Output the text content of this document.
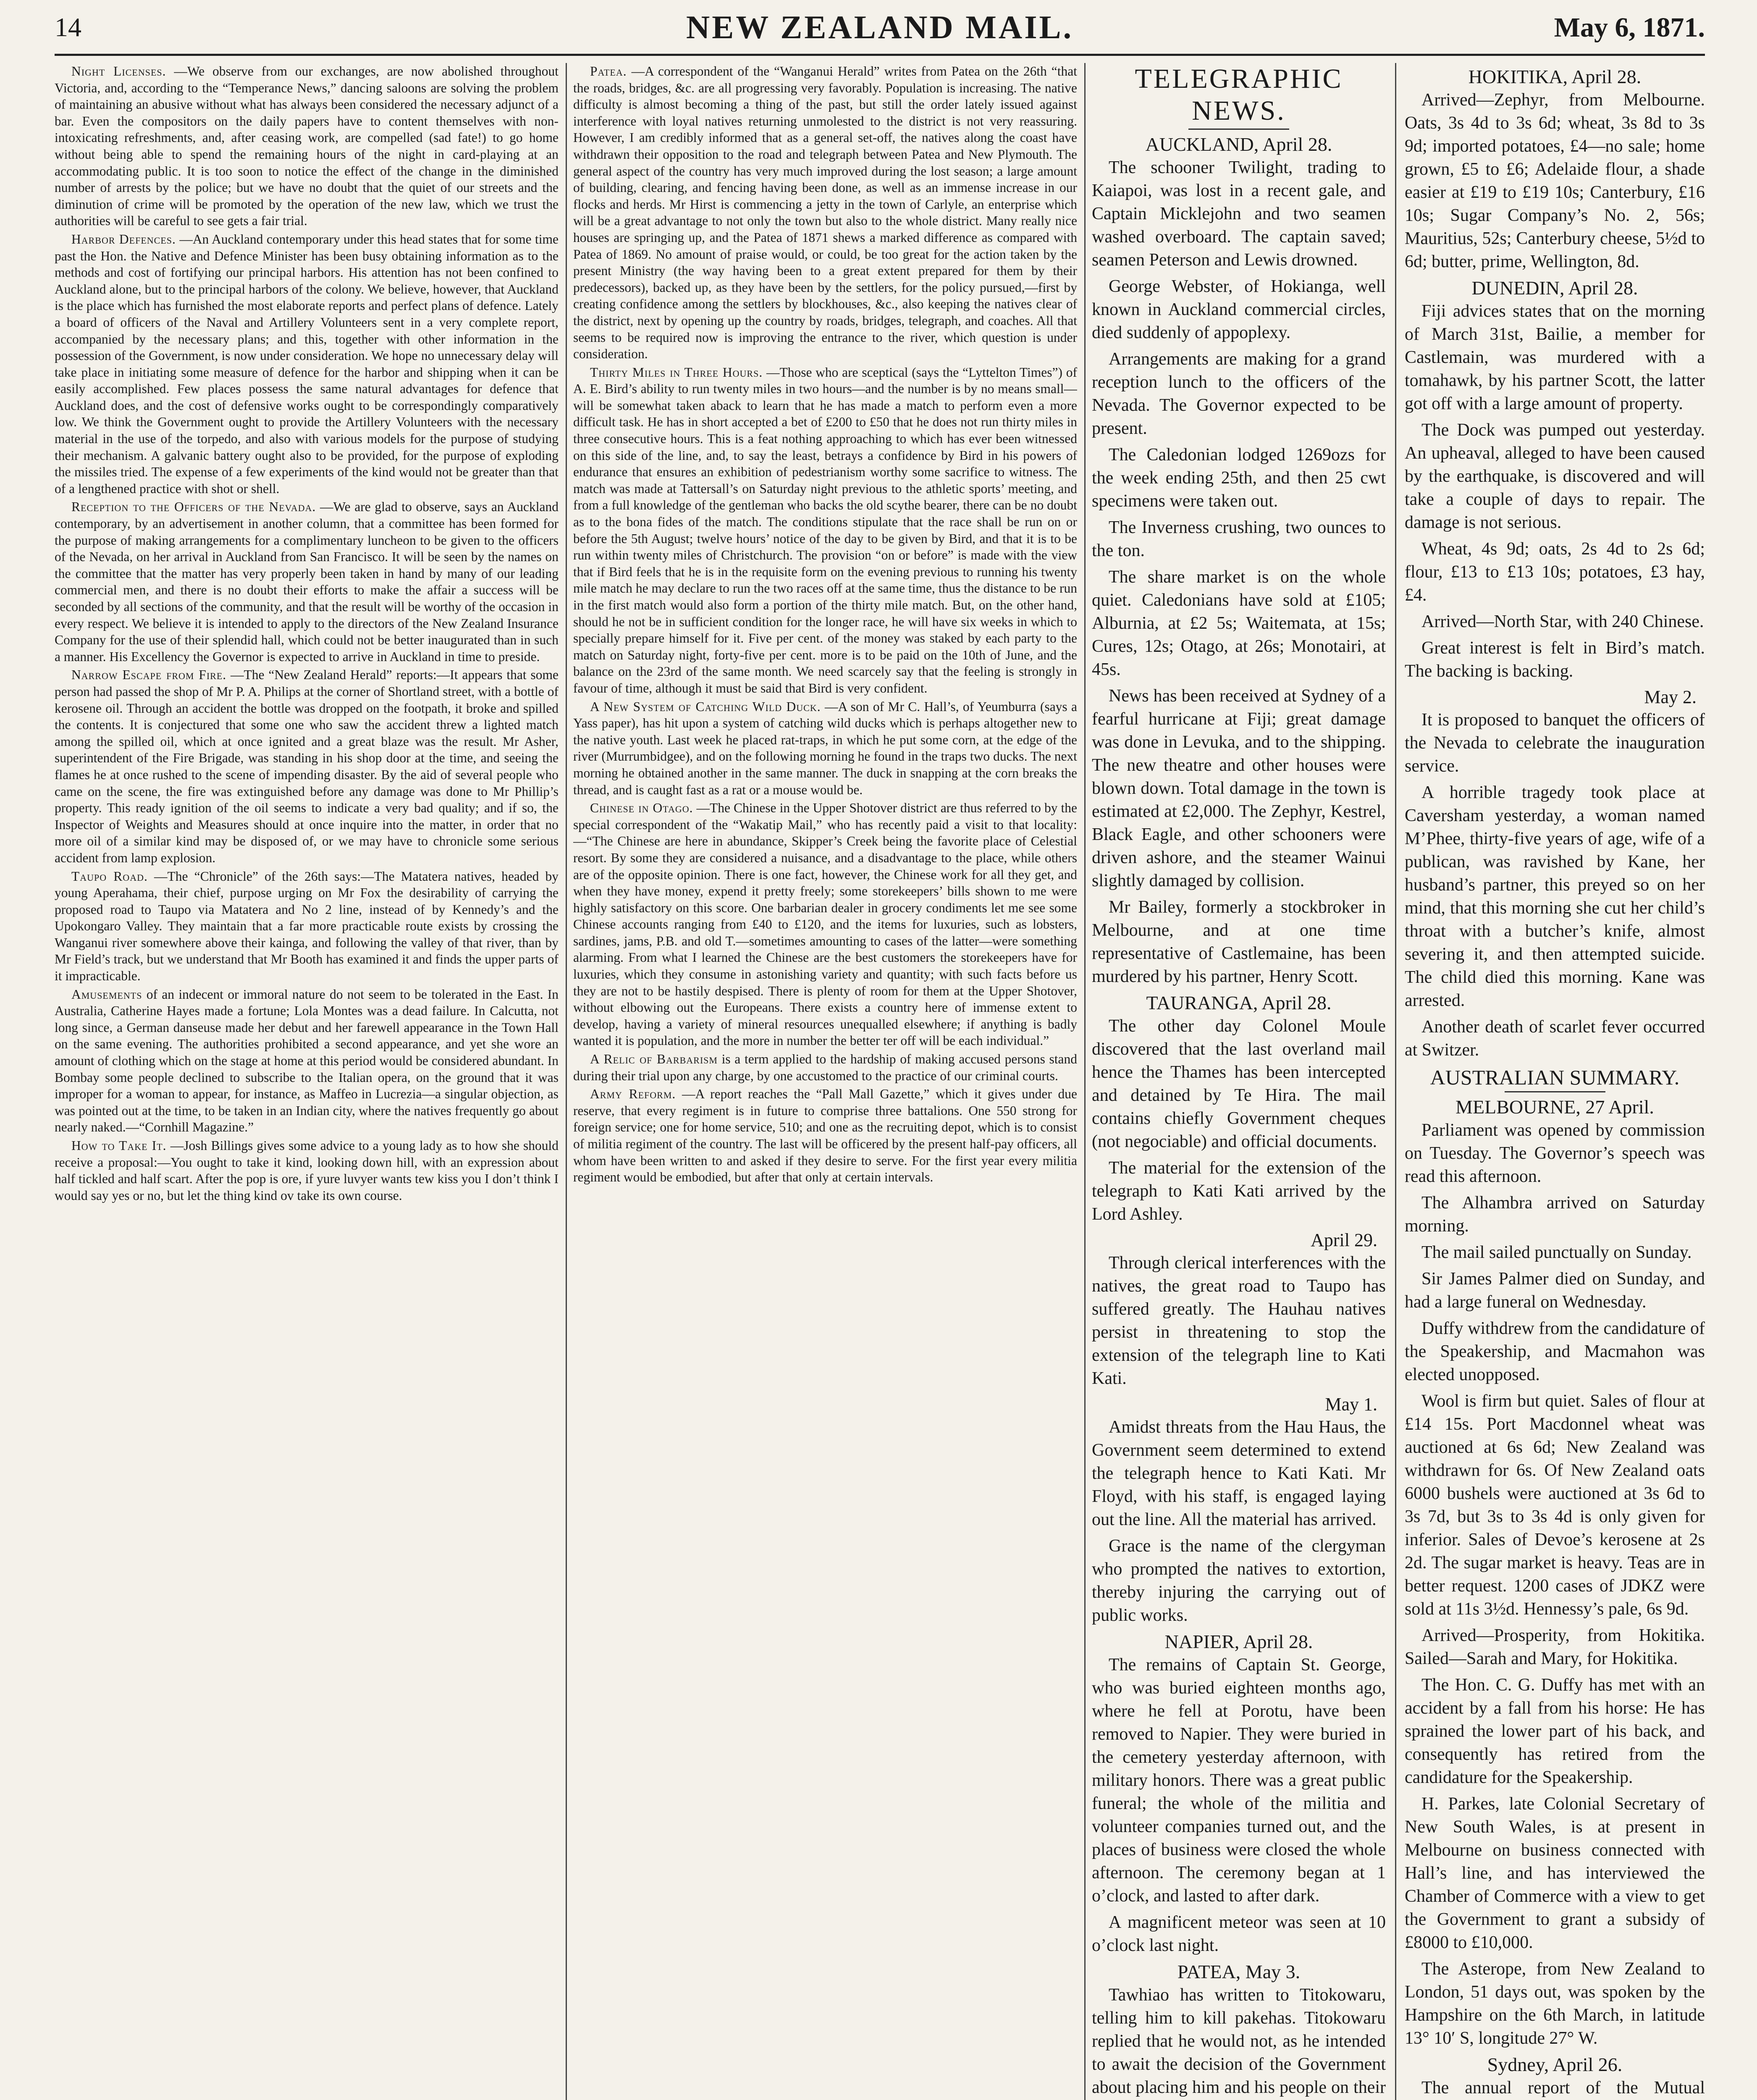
14	NEW ZEALAND MAIL.	May 6, 1871.

Night Licenses. —We observe from our exchanges, are now abolished throughout Victoria, and, according to the “Temperance News,” dancing saloons are solving the problem of maintaining an abusive without what has always been considered the necessary adjunct of a bar. Even the compositors on the daily papers have to content themselves with non-intoxicating refreshments, and, after ceasing work, are compelled (sad fate!) to go home without being able to spend the remaining hours of the night in card-playing at an accommodating public. It is too soon to notice the effect of the change in the diminished number of arrests by the police; but we have no doubt that the quiet of our streets and the diminution of crime will be promoted by the operation of the new law, which we trust the authorities will be careful to see gets a fair trial.

Harbor Defences. —An Auckland contemporary under this head states that for some time past the Hon. the Native and Defence Minister has been busy obtaining information as to the methods and cost of fortifying our principal harbors. His attention has not been confined to Auckland alone, but to the principal harbors of the colony. We believe, however, that Auckland is the place which has furnished the most elaborate reports and perfect plans of defence. Lately a board of officers of the Naval and Artillery Volunteers sent in a very complete report, accompanied by the necessary plans; and this, together with other information in the possession of the Government, is now under consideration. We hope no unnecessary delay will take place in initiating some measure of defence for the harbor and shipping when it can be easily accomplished. Few places possess the same natural advantages for defence that Auckland does, and the cost of defensive works ought to be correspondingly comparatively low. We think the Government ought to provide the Artillery Volunteers with the necessary material in the use of the torpedo, and also with various models for the purpose of studying their mechanism. A galvanic battery ought also to be provided, for the purpose of exploding the missiles tried. The expense of a few experiments of the kind would not be greater than that of a lengthened practice with shot or shell.

Reception to the Officers of the Nevada. —We are glad to observe, says an Auckland contemporary, by an advertisement in another column, that a committee has been formed for the purpose of making arrangements for a complimentary luncheon to be given to the officers of the Nevada, on her arrival in Auckland from San Francisco. It will be seen by the names on the committee that the matter has very properly been taken in hand by many of our leading commercial men, and there is no doubt their efforts to make the affair a success will be seconded by all sections of the community, and that the result will be worthy of the occasion in every respect. We believe it is intended to apply to the directors of the New Zealand Insurance Company for the use of their splendid hall, which could not be better inaugurated than in such a manner. His Excellency the Governor is expected to arrive in Auckland in time to preside.

Narrow Escape from Fire. —The “New Zealand Herald” reports:—It appears that some person had passed the shop of Mr P. A. Philips at the corner of Shortland street, with a bottle of kerosene oil. Through an accident the bottle was dropped on the footpath, it broke and spilled the contents. It is conjectured that some one who saw the accident threw a lighted match among the spilled oil, which at once ignited and a great blaze was the result. Mr Asher, superintendent of the Fire Brigade, was standing in his shop door at the time, and seeing the flames he at once rushed to the scene of impending disaster. By the aid of several people who came on the scene, the fire was extinguished before any damage was done to Mr Phillip’s property. This ready ignition of the oil seems to indicate a very bad quality; and if so, the Inspector of Weights and Measures should at once inquire into the matter, in order that no more oil of a similar kind may be disposed of, or we may have to chronicle some serious accident from lamp explosion.

Taupo Road. —The “Chronicle” of the 26th says:—The Matatera natives, headed by young Aperahama, their chief, purpose urging on Mr Fox the desirability of carrying the proposed road to Taupo via Matatera and No 2 line, instead of by Kennedy’s and the Upokongaro Valley. They maintain that a far more practicable route exists by crossing the Wanganui river somewhere above their kainga, and following the valley of that river, than by Mr Field’s track, but we understand that Mr Booth has examined it and finds the upper parts of it impracticable.

Amusements of an indecent or immoral nature do not seem to be tolerated in the East. In Australia, Catherine Hayes made a fortune; Lola Montes was a dead failure. In Calcutta, not long since, a German danseuse made her debut and her farewell appearance in the Town Hall on the same evening. The authorities prohibited a second appearance, and yet she wore an amount of clothing which on the stage at home at this period would be considered abundant. In Bombay some people declined to subscribe to the Italian opera, on the ground that it was improper for a woman to appear, for instance, as Maffeo in Lucrezia—a singular objection, as was pointed out at the time, to be taken in an Indian city, where the natives frequently go about nearly naked.—“Cornhill Magazine.”

How to Take It. —Josh Billings gives some advice to a young lady as to how she should receive a proposal:—You ought to take it kind, looking down hill, with an expression about half tickled and half scart. After the pop is ore, if yure luvyer wants tew kiss you I don’t think I would say yes or no, but let the thing kind ov take its own course.

Patea. —A correspondent of the “Wanganui Herald” writes from Patea on the 26th “that the roads, bridges, &c. are all progressing very favorably. Population is increasing. The native difficulty is almost becoming a thing of the past, but still the order lately issued against interference with loyal natives returning unmolested to the district is not very reassuring. However, I am credibly informed that as a general set-off, the natives along the coast have withdrawn their opposition to the road and telegraph between Patea and New Plymouth. The general aspect of the country has very much improved during the lost season; a large amount of building, clearing, and fencing having been done, as well as an immense increase in our flocks and herds. Mr Hirst is commencing a jetty in the town of Carlyle, an enterprise which will be a great advantage to not only the town but also to the whole district. Many really nice houses are springing up, and the Patea of 1871 shews a marked difference as compared with Patea of 1869. No amount of praise would, or could, be too great for the action taken by the present Ministry (the way having been to a great extent prepared for them by their predecessors), backed up, as they have been by the settlers, for the policy pursued,—first by creating confidence among the settlers by blockhouses, &c., also keeping the natives clear of the district, next by opening up the country by roads, bridges, telegraph, and coaches. All that seems to be required now is improving the entrance to the river, which question is under consideration.

Thirty Miles in Three Hours. —Those who are sceptical (says the “Lyttelton Times”) of A. E. Bird’s ability to run twenty miles in two hours—and the number is by no means small—will be somewhat taken aback to learn that he has made a match to perform even a more difficult task. He has in short accepted a bet of £200 to £50 that he does not run thirty miles in three consecutive hours. This is a feat nothing approaching to which has ever been witnessed on this side of the line, and, to say the least, betrays a confidence by Bird in his powers of endurance that ensures an exhibition of pedestrianism worthy some sacrifice to witness. The match was made at Tattersall’s on Saturday night previous to the athletic sports’ meeting, and from a full knowledge of the gentleman who backs the old scythe bearer, there can be no doubt as to the bona fides of the match. The conditions stipulate that the race shall be run on or before the 5th August; twelve hours’ notice of the day to be given by Bird, and that it is to be run within twenty miles of Christchurch. The provision “on or before” is made with the view that if Bird feels that he is in the requisite form on the evening previous to running his twenty mile match he may declare to run the two races off at the same time, thus the distance to be run in the first match would also form a portion of the thirty mile match. But, on the other hand, should he not be in sufficient condition for the longer race, he will have six weeks in which to specially prepare himself for it. Five per cent. of the money was staked by each party to the match on Saturday night, forty-five per cent. more is to be paid on the 10th of June, and the balance on the 23rd of the same month. We need scarcely say that the feeling is strongly in favour of time, although it must be said that Bird is very confident.

A New System of Catching Wild Duck. —A son of Mr C. Hall’s, of Yeumburra (says a Yass paper), has hit upon a system of catching wild ducks which is perhaps altogether new to the native youth. Last week he placed rat-traps, in which he put some corn, at the edge of the river (Murrumbidgee), and on the following morning he found in the traps two ducks. The next morning he obtained another in the same manner. The duck in snapping at the corn breaks the thread, and is caught fast as a rat or a mouse would be.

Chinese in Otago. —The Chinese in the Upper Shotover district are thus referred to by the special correspondent of the “Wakatip Mail,” who has recently paid a visit to that locality:—“The Chinese are here in abundance, Skipper’s Creek being the favorite place of Celestial resort. By some they are considered a nuisance, and a disadvantage to the place, while others are of the opposite opinion. There is one fact, however, the Chinese work for all they get, and when they have money, expend it pretty freely; some storekeepers’ bills shown to me were highly satisfactory on this score. One barbarian dealer in grocery condiments let me see some Chinese accounts ranging from £40 to £120, and the items for luxuries, such as lobsters, sardines, jams, P.B. and old T.—sometimes amounting to cases of the latter—were something alarming. From what I learned the Chinese are the best customers the storekeepers have for luxuries, which they consume in astonishing variety and quantity; with such facts before us they are not to be hastily despised. There is plenty of room for them at the Upper Shotover, without elbowing out the Europeans. There exists a country here of immense extent to develop, having a variety of mineral resources unequalled elsewhere; if anything is badly wanted it is population, and the more in number the better ter off will be each individual.”

A Relic of Barbarism is a term applied to the hardship of making accused persons stand during their trial upon any charge, by one accustomed to the practice of our criminal courts.

Army Reform. —A report reaches the “Pall Mall Gazette,” which it gives under due reserve, that every regiment is in future to comprise three battalions. One 550 strong for foreign service; one for home service, 510; and one as the recruiting depot, which is to consist of militia regiment of the country. The last will be officered by the present half-pay officers, all whom have been written to and asked if they desire to serve. For the first year every militia regiment would be embodied, but after that only at certain intervals.

TELEGRAPHIC NEWS.
AUCKLAND, April 28.

The schooner Twilight, trading to Kaiapoi, was lost in a recent gale, and Captain Micklejohn and two seamen washed overboard. The captain saved; seamen Peterson and Lewis drowned.

George Webster, of Hokianga, well known in Auckland commercial circles, died suddenly of appoplexy.

Arrangements are making for a grand reception lunch to the officers of the Nevada. The Governor expected to be present.

The Caledonian lodged 1269ozs for the week ending 25th, and then 25 cwt specimens were taken out.

The Inverness crushing, two ounces to the ton.

The share market is on the whole quiet. Caledonians have sold at £105; Alburnia, at £2 5s; Waitemata, at 15s; Cures, 12s; Otago, at 26s; Monotairi, at 45s.

News has been received at Sydney of a fearful hurricane at Fiji; great damage was done in Levuka, and to the shipping. The new theatre and other houses were blown down. Total damage in the town is estimated at £2,000. The Zephyr, Kestrel, Black Eagle, and other schooners were driven ashore, and the steamer Wainui slightly damaged by collision.

Mr Bailey, formerly a stockbroker in Melbourne, and at one time representative of Castlemaine, has been murdered by his partner, Henry Scott.

TAURANGA, April 28.

The other day Colonel Moule discovered that the last overland mail hence the Thames has been intercepted and detained by Te Hira. The mail contains chiefly Government cheques (not negociable) and official documents.

The material for the extension of the telegraph to Kati Kati arrived by the Lord Ashley.

April 29.

Through clerical interferences with the natives, the great road to Taupo has suffered greatly. The Hauhau natives persist in threatening to stop the extension of the telegraph line to Kati Kati.

May 1.

Amidst threats from the Hau Haus, the Government seem determined to extend the telegraph hence to Kati Kati. Mr Floyd, with his staff, is engaged laying out the line. All the material has arrived.

Grace is the name of the clergyman who prompted the natives to extortion, thereby injuring the carrying out of public works.

NAPIER, April 28.

The remains of Captain St. George, who was buried eighteen months ago, where he fell at Porotu, have been removed to Napier. They were buried in the cemetery yesterday afternoon, with military honors. There was a great public funeral; the whole of the militia and volunteer companies turned out, and the places of business were closed the whole afternoon. The ceremony began at 1 o’clock, and lasted to after dark.

A magnificent meteor was seen at 10 o’clock last night.

PATEA, May 3.

Tawhiao has written to Titokowaru, telling him to kill pakehas. Titokowaru replied that he would not, as he intended to await the decision of the Government about placing him and his people on their

HOKITIKA, April 28.

Arrived—Zephyr, from Melbourne. Oats, 3s 4d to 3s 6d; wheat, 3s 8d to 3s 9d; imported potatoes, £4—no sale; home grown, £5 to £6; Adelaide flour, a shade easier at £19 to £19 10s; Canterbury, £16 10s; Sugar Company’s No. 2, 56s; Mauritius, 52s; Canterbury cheese, 5½d to 6d; butter, prime, Wellington, 8d.

DUNEDIN, April 28.

Fiji advices states that on the morning of March 31st, Bailie, a member for Castlemain, was murdered with a tomahawk, by his partner Scott, the latter got off with a large amount of property.

The Dock was pumped out yesterday. An upheaval, alleged to have been caused by the earthquake, is discovered and will take a couple of days to repair. The damage is not serious.

Wheat, 4s 9d; oats, 2s 4d to 2s 6d; flour, £13 to £13 10s; potatoes, £3 hay, £4.

Arrived—North Star, with 240 Chinese.

Great interest is felt in Bird’s match. The backing is backing.

May 2.

It is proposed to banquet the officers of the Nevada to celebrate the inauguration service.

A horrible tragedy took place at Caversham yesterday, a woman named M’Phee, thirty-five years of age, wife of a publican, was ravished by Kane, her husband’s partner, this preyed so on her mind, that this morning she cut her child’s throat with a butcher’s knife, almost severing it, and then attempted suicide. The child died this morning. Kane was arrested.

Another death of scarlet fever occurred at Switzer.

AUSTRALIAN SUMMARY.
MELBOURNE, 27 April.

Parliament was opened by commission on Tuesday. The Governor’s speech was read this afternoon.

The Alhambra arrived on Saturday morning.

The mail sailed punctually on Sunday.

Sir James Palmer died on Sunday, and had a large funeral on Wednesday.

Duffy withdrew from the candidature of the Speakership, and Macmahon was elected unopposed.

Wool is firm but quiet. Sales of flour at £14 15s. Port Macdonnel wheat was auctioned at 6s 6d; New Zealand was withdrawn for 6s. Of New Zealand oats 6000 bushels were auctioned at 3s 6d to 3s 7d, but 3s to 3s 4d is only given for inferior. Sales of Devoe’s kerosene at 2s 2d. The sugar market is heavy. Teas are in better request. 1200 cases of JDKZ were sold at 11s 3½d. Hennessy’s pale, 6s 9d.

Arrived—Prosperity, from Hokitika. Sailed—Sarah and Mary, for Hokitika.

The Hon. C. G. Duffy has met with an accident by a fall from his horse: He has sprained the lower part of his back, and consequently has retired from the candidature for the Speakership.

H. Parkes, late Colonial Secretary of New South Wales, is at present in Melbourne on business connected with Hall’s line, and has interviewed the Chamber of Commerce with a view to get the Government to grant a subsidy of £8000 to £10,000.

The Asterope, from New Zealand to London, 51 days out, was spoken by the Hampshire on the 6th March, in latitude 13° 10′ S, longitude 27° W.

Sydney, April 26.

The annual report of the Mutual
